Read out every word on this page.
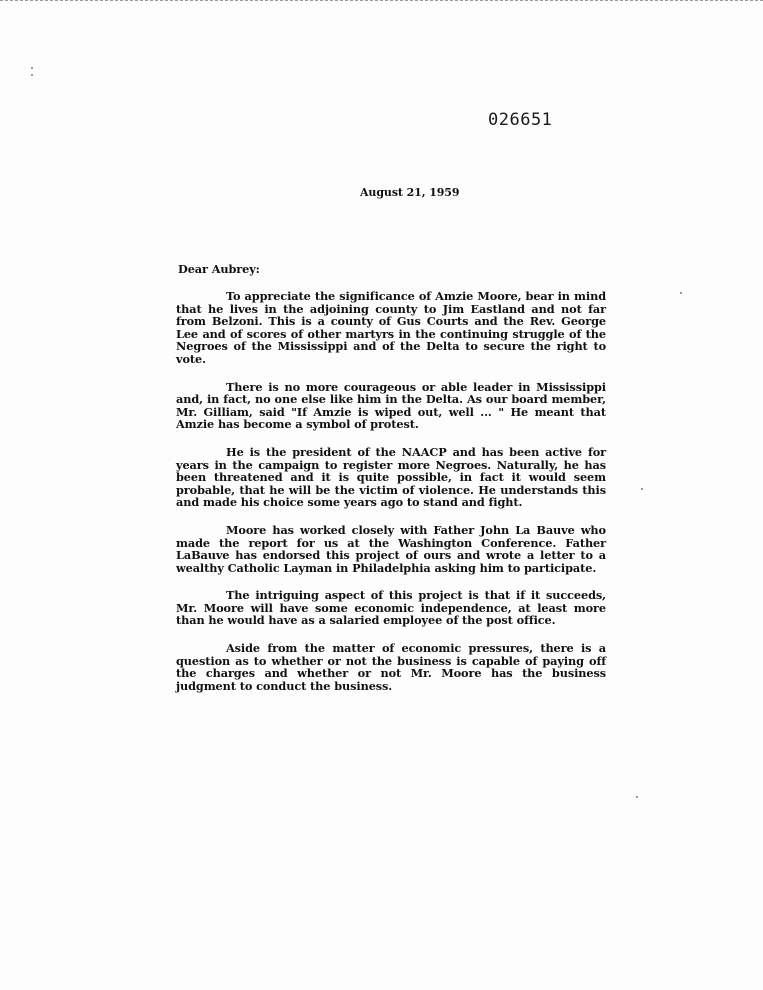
026651
August 21, 1959
Dear Aubrey:

To appreciate the significance of Amzie Moore, bear in mind that he lives in the adjoining county to Jim Eastland and not far from Belzoni. This is a county of Gus Courts and the Rev. George Lee and of scores of other martyrs in the continuing struggle of the Negroes of the Mississippi and of the Delta to secure the right to vote.

There is no more courageous or able leader in Mississippi and, in fact, no one else like him in the Delta. As our board member, Mr. Gilliam, said "If Amzie is wiped out, well ... " He meant that Amzie has become a symbol of protest.

He is the president of the NAACP and has been active for years in the campaign to register more Negroes. Naturally, he has been threatened and it is quite possible, in fact it would seem probable, that he will be the victim of violence. He understands this and made his choice some years ago to stand and fight.

Moore has worked closely with Father John La Bauve who made the report for us at the Washington Conference. Father LaBauve has endorsed this project of ours and wrote a letter to a wealthy Catholic Layman in Philadelphia asking him to participate.

The intriguing aspect of this project is that if it succeeds, Mr. Moore will have some economic independence, at least more than he would have as a salaried employee of the post office.

Aside from the matter of economic pressures, there is a question as to whether or not the business is capable of paying off the charges and whether or not Mr. Moore has the business judgment to conduct the business.
